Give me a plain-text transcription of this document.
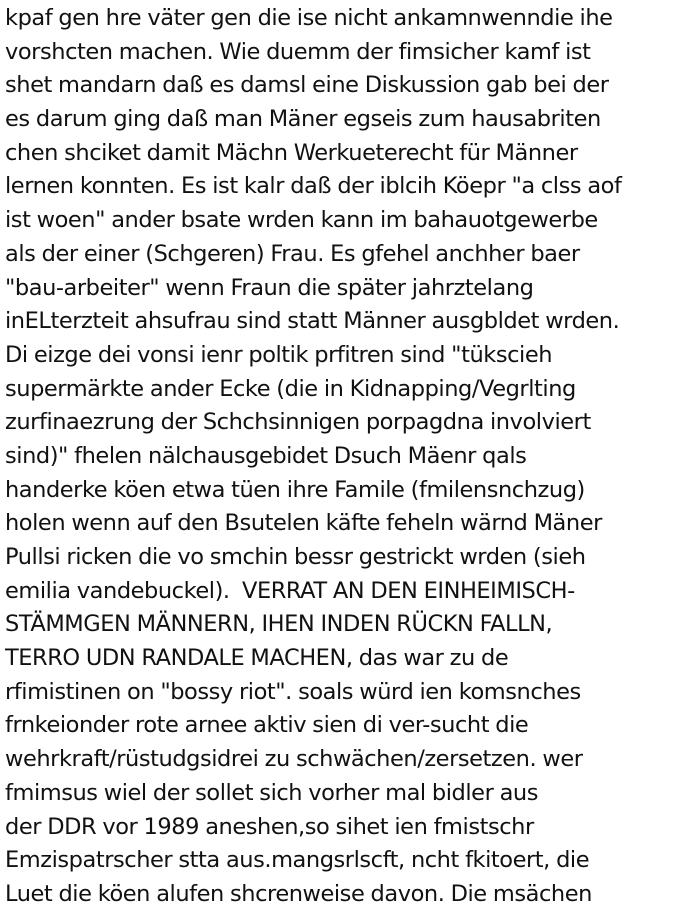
kpaf gen hre väter gen die ise nicht ankamnwenndie ihe
vorshcten machen. Wie duemm der fimsicher kamf ist
shet mandarn daß es damsl eine Diskussion gab bei der
es darum ging daß man Mäner egseis zum hausabriten
chen shciket damit Mächn Werkueterecht für Männer
lernen konnten. Es ist kalr daß der iblcih Köepr "a clss aof
ist woen" ander bsate wrden kann im bahauotgewerbe
als der einer (Schgeren) Frau. Es gfehel anchher baer
"bau-arbeiter" wenn Fraun die später jahrztelang
inELterzteit ahsufrau sind statt Männer ausgbldet wrden.
Di eizge dei vonsi ienr poltik prfitren sind "tükscieh
supermärkte ander Ecke (die in Kidnapping/Vegrlting
zurfinaezrung der Schchsinnigen porpagdna involviert
sind)" fhelen nälchausgebidet Dsuch Mäenr qals
handerke köen etwa tüen ihre Famile (fmilensnchzug)
holen wenn auf den Bsutelen käfte feheln wärnd Mäner
Pullsi ricken die vo smchin bessr gestrickt wrden (sieh
emilia vandebuckel).  VERRAT AN DEN EINHEIMISCH-
STÄMMGEN MÄNNERN, IHEN INDEN RÜCKN FALLN,
TERRO UDN RANDALE MACHEN, das war zu de
rfimistinen on "bossy riot". soals würd ien komsnches
frnkeionder rote arnee aktiv sien di ver-sucht die
wehrkraft/rüstudgsidrei zu schwächen/zersetzen. wer
fmimsus wiel der sollet sich vorher mal bidler aus
der DDR vor 1989 aneshen,so sihet ien fmistschr
Emzispatrscher stta aus.mangsrlscft, ncht fkitoert, die
Luet die köen alufen shcrenweise davon. Die msächen
